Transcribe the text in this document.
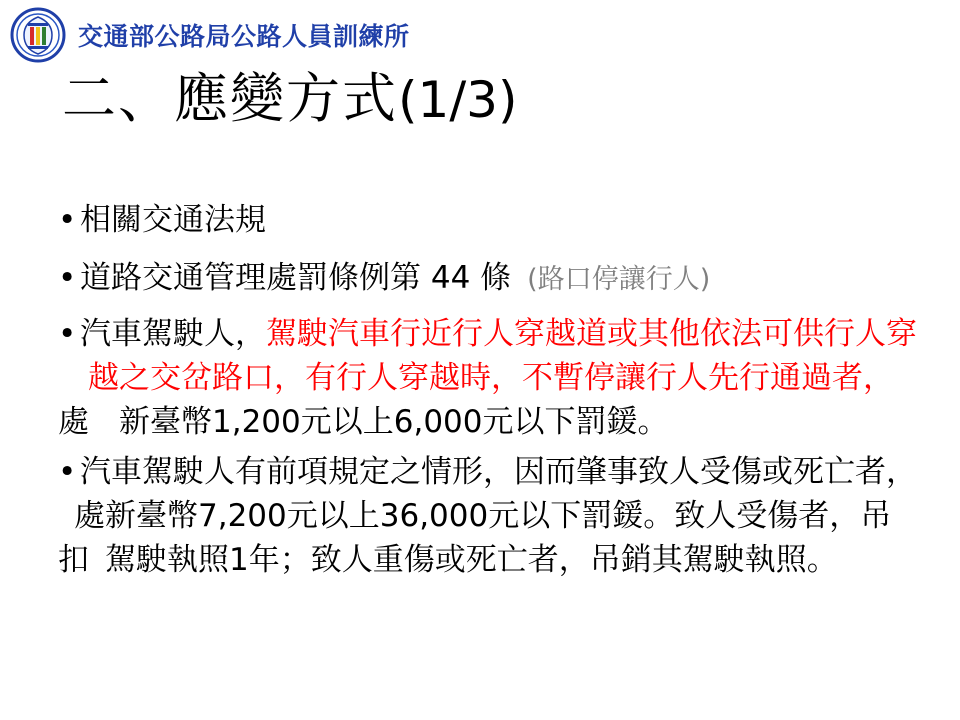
交通部公路局公路人員訓練所
二、應變方式(1/3)
• 相關交通法規
• 道路交通管理處罰條例第 44 條 (路口停讓行人)
• 汽車駕駛人，駕駛汽車行近行人穿越道或其他依法可供行人穿越之交岔路口，有行人穿越時，不暫停讓行人先行通過者，處 新臺幣1,200元以上6,000元以下罰鍰。
• 汽車駕駛人有前項規定之情形，因而肇事致人受傷或死亡者，處新臺幣7,200元以上36,000元以下罰鍰。致人受傷者，吊扣 駕駛執照1年；致人重傷或死亡者，吊銷其駕駛執照。
